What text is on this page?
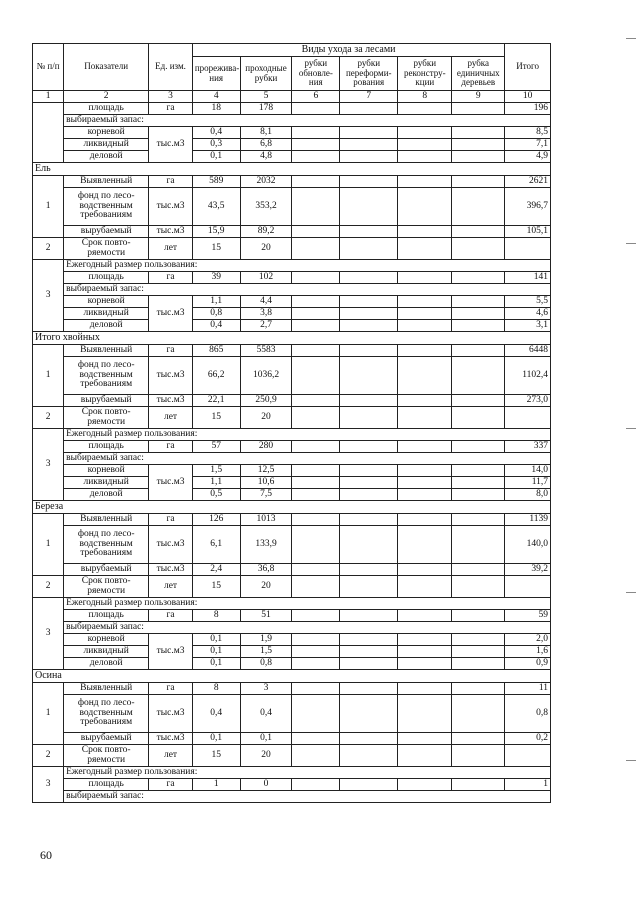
№ п/п	Показатели	Ед. изм.	Виды ухода за лесами						Итого
			прорежива- ния	проходные рубки	рубки обновле- ния	рубки переформи- рования	рубки реконстру- кции	рубка единичных деревьев	
1	2	3	4	5	6	7	8	9	10
	площадь	га	18	178					196
	выбираемый запас:								
	корневой	тыс.м3	0,4	8,1					8,5
	ликвидный		0,3	6,8					7,1
	деловой		0,1	4,8					4,9
Ель									
1	Выявленный	га	589	2032					2621
	фонд по лесо- водственным требованиям	тыс.м3	43,5	353,2					396,7
	вырубаемый	тыс.м3	15,9	89,2					105,1
2	Срок повто- ряемости	лет	15	20					
3	Ежегодный размер пользования:								
	площадь	га	39	102					141
	выбираемый запас:								
	корневой	тыс.м3	1,1	4,4					5,5
	ликвидный		0,8	3,8					4,6
	деловой		0,4	2,7					3,1
Итого хвойных									
1	Выявленный	га	865	5583					6448
	фонд по лесо- водственным требованиям	тыс.м3	66,2	1036,2					1102,4
	вырубаемый	тыс.м3	22,1	250,9					273,0
2	Срок повто- ряемости	лет	15	20					
3	Ежегодный размер пользования:								
	площадь	га	57	280					337
	выбираемый запас:								
	корневой	тыс.м3	1,5	12,5					14,0
	ликвидный		1,1	10,6					11,7
	деловой		0,5	7,5					8,0
Береза									
1	Выявленный	га	126	1013					1139
	фонд по лесо- водственным требованиям	тыс.м3	6,1	133,9					140,0
	вырубаемый	тыс.м3	2,4	36,8					39,2
2	Срок повто- ряемости	лет	15	20					
3	Ежегодный размер пользования:								
	площадь	га	8	51					59
	выбираемый запас:								
	корневой	тыс.м3	0,1	1,9					2,0
	ликвидный		0,1	1,5					1,6
	деловой		0,1	0,8					0,9
Осина									
1	Выявленный	га	8	3					11
	фонд по лесо- водственным требованиям	тыс.м3	0,4	0,4					0,8
	вырубаемый	тыс.м3	0,1	0,1					0,2
2	Срок повто- ряемости	лет	15	20					
3	Ежегодный размер пользования:								
	площадь	га	1	0					1
	выбираемый запас:								
60
